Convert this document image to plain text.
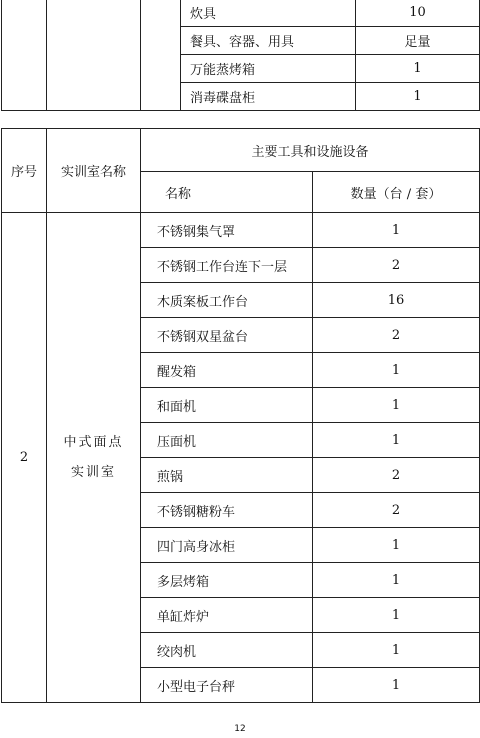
			炊具	10
			餐具、容器、用具	足量
			万能蒸烤箱	1
			消毒碟盘柜	1
序号	实训室名称	主要工具和设施设备	
		名称	数量（台 / 套）
2	中式面点实训室	不锈钢集气罩	1
		不锈钢工作台连下一层	2
		木质案板工作台	16
		不锈钢双星盆台	2
		醒发箱	1
		和面机	1
		压面机	1
		煎锅	2
		不锈钢糖粉车	2
		四门高身冰柜	1
		多层烤箱	1
		单缸炸炉	1
		绞肉机	1
		小型电子台秤	1
12
